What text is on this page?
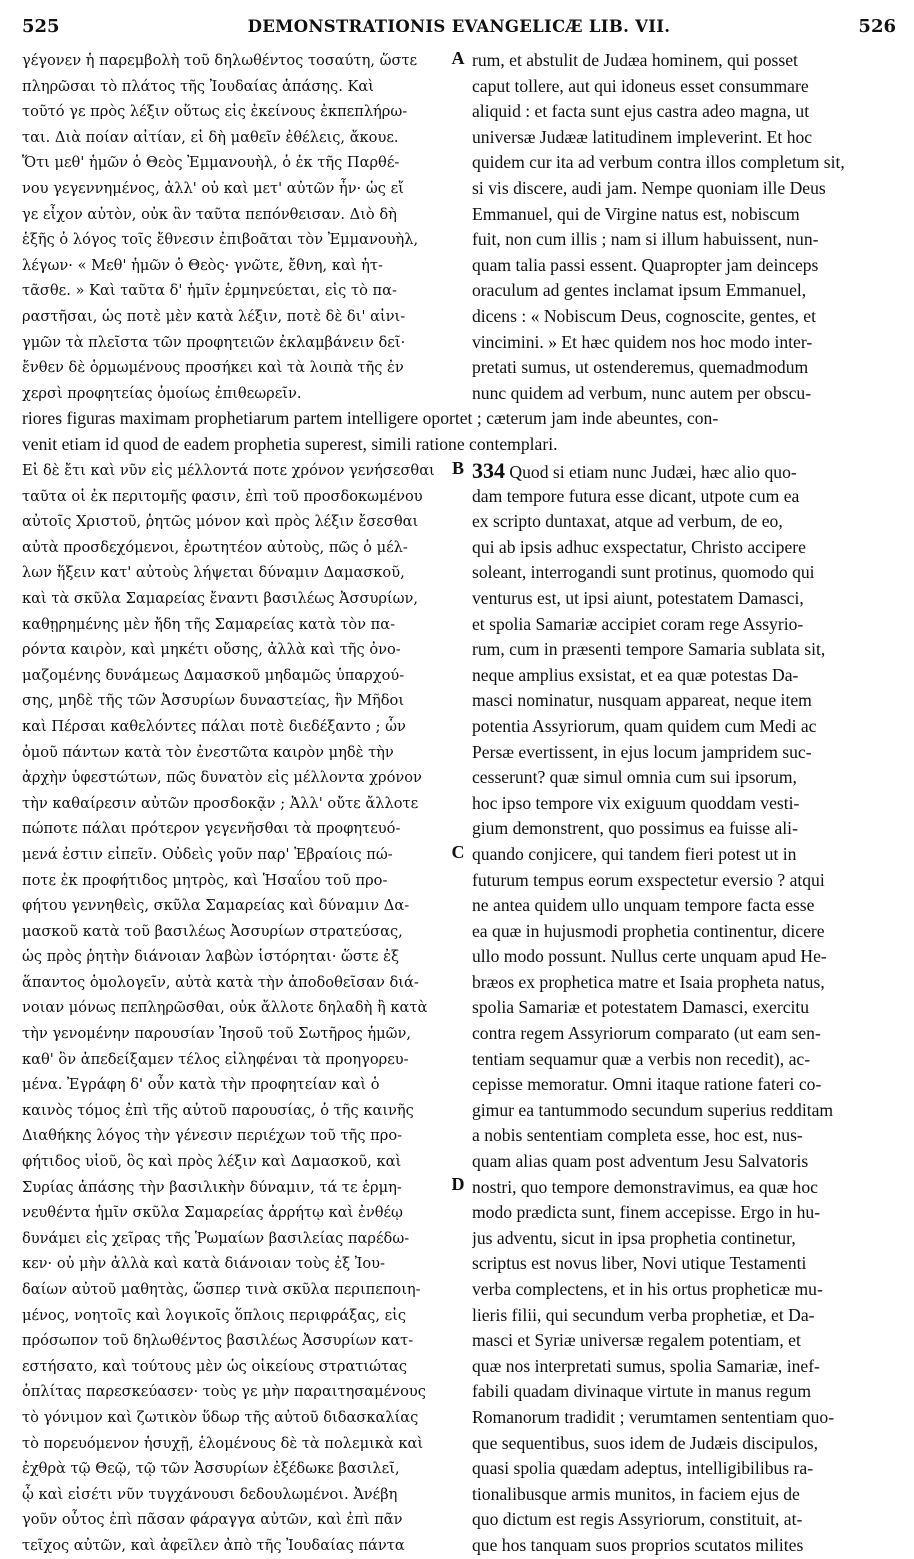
525	DEMONSTRATIONIS EVANGELICÆ LIB. VII.	526
γέγονεν ἡ παρεμβολὴ τοῦ δηλωθέντος τοσαύτη, ὥστε
πληρῶσαι τὸ πλάτος τῆς Ἰουδαίας ἁπάσης. Καὶ
τοῦτό γε πρὸς λέξιν οὕτως εἰς ἐκείνους ἐκπεπλήρω-
ται. Διὰ ποίαν αἰτίαν, εἰ δὴ μαθεῖν ἐθέλεις, ἄκουε.
Ὅτι μεθ' ἡμῶν ὁ Θεὸς Ἐμμανουὴλ, ὁ ἐκ τῆς Παρθέ-
νου γεγεννημένος, ἀλλ' οὐ καὶ μετ' αὐτῶν ἦν· ὡς εἴ
γε εἶχον αὐτὸν, οὐκ ἂν ταῦτα πεπόνθεισαν. Διὸ δὴ
ἑξῆς ὁ λόγος τοῖς ἔθνεσιν ἐπιβοᾶται τὸν Ἐμμανουὴλ,
λέγων· « Μεθ' ἡμῶν ὁ Θεὸς· γνῶτε, ἔθνη, καὶ ἡτ-
τᾶσθε. » Καὶ ταῦτα δ' ἡμῖν ἑρμηνεύεται, εἰς τὸ πα-
ραστῆσαι, ὡς ποτὲ μὲν κατὰ λέξιν, ποτὲ δὲ δι' αἰνι-
γμῶν τὰ πλεῖστα τῶν προφητειῶν ἐκλαμβάνειν δεῖ·
ἔνθεν δὲ ὁρμωμένους προσήκει καὶ τὰ λοιπὰ τῆς ἐν
χερσὶ προφητείας ὁμοίως ἐπιθεωρεῖν.
rum, et abstulit de Judæa hominem, qui posset
caput tollere, aut qui idoneus esset consummare
aliquid : et facta sunt ejus castra adeo magna, ut
universæ Judææ latitudinem impleverint. Et hoc
quidem cur ita ad verbum contra illos completum sit,
si vis discere, audi jam. Nempe quoniam ille Deus
Emmanuel, qui de Virgine natus est, nobiscum
fuit, non cum illis ; nam si illum habuissent, nun-
quam talia passi essent. Quapropter jam deinceps
oraculum ad gentes inclamat ipsum Emmanuel,
dicens : « Nobiscum Deus, cognoscite, gentes, et
vincimini. » Et hæc quidem nos hoc modo inter-
pretati sumus, ut ostenderemus, quemadmodum
nunc quidem ad verbum, nunc autem per obscu-
riores figuras maximam prophetiarum partem intelligere oportet ; cæterum jam inde abeuntes, con-
venit etiam id quod de eadem prophetia superest, simili ratione contemplari.
Εἰ δὲ ἔτι καὶ νῦν εἰς μέλλοντά ποτε χρόνον γενήσεσθαι
ταῦτα οἱ ἐκ περιτομῆς φασιν, ἐπὶ τοῦ προσδοκωμένου
αὐτοῖς Χριστοῦ, ῥητῶς μόνον καὶ πρὸς λέξιν ἔσεσθαι
αὐτὰ προσδεχόμενοι, ἐρωτητέον αὐτοὺς, πῶς ὁ μέλ-
λων ἥξειν κατ' αὐτοὺς λήψεται δύναμιν Δαμασκοῦ,
καὶ τὰ σκῦλα Σαμαρείας ἔναντι βασιλέως Ἀσσυρίων,
καθῃρημένης μὲν ἤδη τῆς Σαμαρείας κατὰ τὸν πα-
ρόντα καιρὸν, καὶ μηκέτι οὔσης, ἀλλὰ καὶ τῆς ὀνο-
μαζομένης δυνάμεως Δαμασκοῦ μηδαμῶς ὑπαρχού-
σης, μηδὲ τῆς τῶν Ἀσσυρίων δυναστείας, ἣν Μῆδοι
καὶ Πέρσαι καθελόντες πάλαι ποτὲ διεδέξαντο ; ὧν
ὁμοῦ πάντων κατὰ τὸν ἐνεστῶτα καιρὸν μηδὲ τὴν
ἀρχὴν ὑφεστώτων, πῶς δυνατὸν εἰς μέλλοντα χρόνον
τὴν καθαίρεσιν αὐτῶν προσδοκᾷν ; Ἀλλ' οὔτε ἄλλοτε
πώποτε πάλαι πρότερον γεγενῆσθαι τὰ προφητευό-
μενά ἐστιν εἰπεῖν. Οὐδεὶς γοῦν παρ' Ἑβραίοις πώ-
ποτε ἐκ προφήτιδος μητρὸς, καὶ Ἡσαΐου τοῦ προ-
φήτου γεννηθεὶς, σκῦλα Σαμαρείας καὶ δύναμιν Δα-
μασκοῦ κατὰ τοῦ βασιλέως Ἀσσυρίων στρατεύσας,
ὡς πρὸς ῥητὴν διάνοιαν λαβὼν ἱστόρηται· ὥστε ἐξ
ἅπαντος ὁμολογεῖν, αὐτὰ κατὰ τὴν ἀποδοθεῖσαν διά-
νοιαν μόνως πεπληρῶσθαι, οὐκ ἄλλοτε δηλαδὴ ἢ κατὰ
τὴν γενομένην παρουσίαν Ἰησοῦ τοῦ Σωτῆρος ἡμῶν,
καθ' ὃν ἀπεδείξαμεν τέλος εἰληφέναι τὰ προηγορευ-
μένα. Ἐγράφη δ' οὖν κατὰ τὴν προφητείαν καὶ ὁ
καινὸς τόμος ἐπὶ τῆς αὐτοῦ παρουσίας, ὁ τῆς καινῆς
Διαθήκης λόγος τὴν γένεσιν περιέχων τοῦ τῆς προ-
φήτιδος υἱοῦ, ὃς καὶ πρὸς λέξιν καὶ Δαμασκοῦ, καὶ
Συρίας ἁπάσης τὴν βασιλικὴν δύναμιν, τά τε ἑρμη-
νευθέντα ἡμῖν σκῦλα Σαμαρείας ἀρρήτῳ καὶ ἐνθέῳ
δυνάμει εἰς χεῖρας τῆς Ῥωμαίων βασιλείας παρέδω-
κεν· οὐ μὴν ἀλλὰ καὶ κατὰ διάνοιαν τοὺς ἐξ Ἰου-
δαίων αὐτοῦ μαθητὰς, ὥσπερ τινὰ σκῦλα περιπεποιη-
μένος, νοητοῖς καὶ λογικοῖς ὅπλοις περιφράξας, εἰς
πρόσωπον τοῦ δηλωθέντος βασιλέως Ἀσσυρίων κατ-
εστήσατο, καὶ τούτους μὲν ὡς οἰκείους στρατιώτας
ὁπλίτας παρεσκεύασεν· τοὺς γε μὴν παραιτησαμένους
τὸ γόνιμον καὶ ζωτικὸν ὕδωρ τῆς αὐτοῦ διδασκαλίας
τὸ πορευόμενον ἡσυχῇ, ἑλομένους δὲ τὰ πολεμικὰ καὶ
ἐχθρὰ τῷ Θεῷ, τῷ τῶν Ἀσσυρίων ἐξέδωκε βασιλεῖ,
ᾧ καὶ εἰσέτι νῦν τυγχάνουσι δεδουλωμένοι. Ἀνέβη
γοῦν οὗτος ἐπὶ πᾶσαν φάραγγα αὐτῶν, καὶ ἐπὶ πᾶν
τεῖχος αὐτῶν, καὶ ἀφεῖλεν ἀπὸ τῆς Ἰουδαίας πάντα
334 Quod si etiam nunc Judæi, hæc alio quo-
dam tempore futura esse dicant, utpote cum ea
ex scripto duntaxat, atque ad verbum, de eo,
qui ab ipsis adhuc exspectatur, Christo accipere
soleant, interrogandi sunt protinus, quomodo qui
venturus est, ut ipsi aiunt, potestatem Damasci,
et spolia Samariæ accipiet coram rege Assyrio-
rum, cum in præsenti tempore Samaria sublata sit,
neque amplius exsistat, et ea quæ potestas Da-
masci nominatur, nusquam appareat, neque item
potentia Assyriorum, quam quidem cum Medi ac
Persæ evertissent, in ejus locum jampridem suc-
cesserunt? quæ simul omnia cum sui ipsorum,
hoc ipso tempore vix exiguum quoddam vesti-
gium demonstrent, quo possimus ea fuisse ali-
quando conjicere, qui tandem fieri potest ut in
futurum tempus eorum exspectetur eversio ? atqui
ne antea quidem ullo unquam tempore facta esse
ea quæ in hujusmodi prophetia continentur, dicere
ullo modo possunt. Nullus certe unquam apud He-
bræos ex prophetica matre et Isaia propheta natus,
spolia Samariæ et potestatem Damasci, exercitu
contra regem Assyriorum comparato (ut eam sen-
tentiam sequamur quæ a verbis non recedit), ac-
cepisse memoratur. Omni itaque ratione fateri co-
gimur ea tantummodo secundum superius redditam
a nobis sententiam completa esse, hoc est, nus-
quam alias quam post adventum Jesu Salvatoris
nostri, quo tempore demonstravimus, ea quæ hoc
modo prædicta sunt, finem accepisse. Ergo in hu-
jus adventu, sicut in ipsa prophetia continetur,
scriptus est novus liber, Novi utique Testamenti
verba complectens, et in his ortus propheticæ mu-
lieris filii, qui secundum verba prophetiæ, et Da-
masci et Syriæ universæ regalem potentiam, et
quæ nos interpretati sumus, spolia Samariæ, inef-
fabili quadam divinaque virtute in manus regum
Romanorum tradidit ; verumtamen sententiam quo-
que sequentibus, suos idem de Judæis discipulos,
quasi spolia quædam adeptus, intelligibilibus ra-
tionalibusque armis munitos, in faciem ejus de
quo dictum est regis Assyriorum, constituit, at-
que hos tanquam suos proprios scutatos milites
A
B
C
D
